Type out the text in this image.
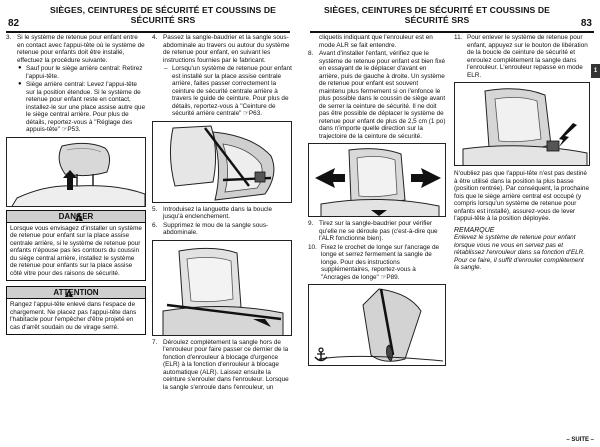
82
SIÈGES, CEINTURES DE SÉCURITÉ ET COUSSINS DE
SÉCURITÉ SRS
3. Si le système de retenue pour enfant entre en contact avec l'appui-tête où le système de retenue pour enfants doit être installé, effectuez la procédure suivante.

● Sauf pour le siège arrière central: Retirez l'appui-tête.

● Siège arrière central: Levez l'appui-tête sur la position étendue. Si le système de retenue pour enfant reste en contact, installez-le sur une place assise autre que le siège central arrière. Pour plus de détails, reportez-vous à "Réglage des appuis-tête" ☞P53.

!
DANGER
Lorsque vous envisagez d'installer un système de retenue pour enfant sur la place assise centrale arrière, si le système de retenue pour enfants n'épouse pas les contours du coussin du siège central arrière, installez le système de retenue pour enfants sur la place assise côté vitre pour des raisons de sécurité.
!
ATTENTION
Rangez l'appui-tête enlevé dans l'espace de chargement. Ne placez pas l'appui-tête dans l'habitacle pour l'empêcher d'être projeté en cas d'arrêt soudain ou de virage serré.
4. Passez la sangle-baudrier et la sangle sous-abdominale au travers ou autour du système de retenue pour enfant, en suivant les instructions fournies par le fabricant.

– Lorsqu'un système de retenue pour enfant est installé sur la place assise centrale arrière, faites passer correctement la ceinture de sécurité centrale arrière à travers le guide de ceinture. Pour plus de détails, reportez-vous à "Ceinture de sécurité arrière centrale" ☞P63.

5. Introduisez la languette dans la boucle jusqu'à enclenchement.

6. Supprimez le mou de la sangle sous-abdominale.

7. Déroulez complètement la sangle hors de l'enrouleur pour faire passer ce dernier de la fonction d'enrouleur à blocage d'urgence (ELR) à la fonction d'enrouleur à blocage automatique (ALR). Laissez ensuite la ceinture s'enrouler dans l'enrouleur. Lorsque la sangle s'enroule dans l'enrouleur, un

SIÈGES, CEINTURES DE SÉCURITÉ ET COUSSINS DE
SÉCURITÉ SRS	83
1

cliquetis indiquant que l'enrouleur est en mode ALR se fait entendre.

8. Avant d'installer l'enfant, vérifiez que le système de retenue pour enfant est bien fixé en essayant de le déplacer d'avant en arrière, puis de gauche à droite. Un système de retenue pour enfant est souvent maintenu plus fermement si on l'enfonce le plus possible dans le coussin de siège avant de serrer la ceinture de sécurité. Il ne doit pas être possible de déplacer le système de retenue pour enfant de plus de 2,5 cm (1 po) dans n'importe quelle direction sur la trajectoire de la ceinture de sécurité.

9. Tirez sur la sangle-baudrier pour vérifier qu'elle ne se déroule pas (c'est-à-dire que l'ALR fonctionne bien).

10. Fixez le crochet de longe sur l'ancrage de longe et serrez fermement la sangle de longe. Pour des instructions supplémentaires, reportez-vous à "Ancrages de longe" ☞P89.

11. Pour enlever le système de retenue pour enfant, appuyez sur le bouton de libération de la boucle de ceinture de sécurité et enroulez complètement la sangle dans l'enrouleur. L'enrouleur repasse en mode ELR.

N'oubliez pas que l'appui-tête n'est pas destiné à être utilisé dans la position la plus basse (position rentrée). Par conséquent, la prochaine fois que le siège arrière central est occupé (y compris lorsqu'un système de retenue pour enfants est installé), assurez-vous de lever l'appui-tête à la position déployée.

REMARQUE

Enlevez le système de retenue pour enfant lorsque vous ne vous en servez pas et rétablissez l'enrouleur dans sa fonction d'ELR. Pour ce faire, il suffit d'enrouler complètement la sangle.

– SUITE –
